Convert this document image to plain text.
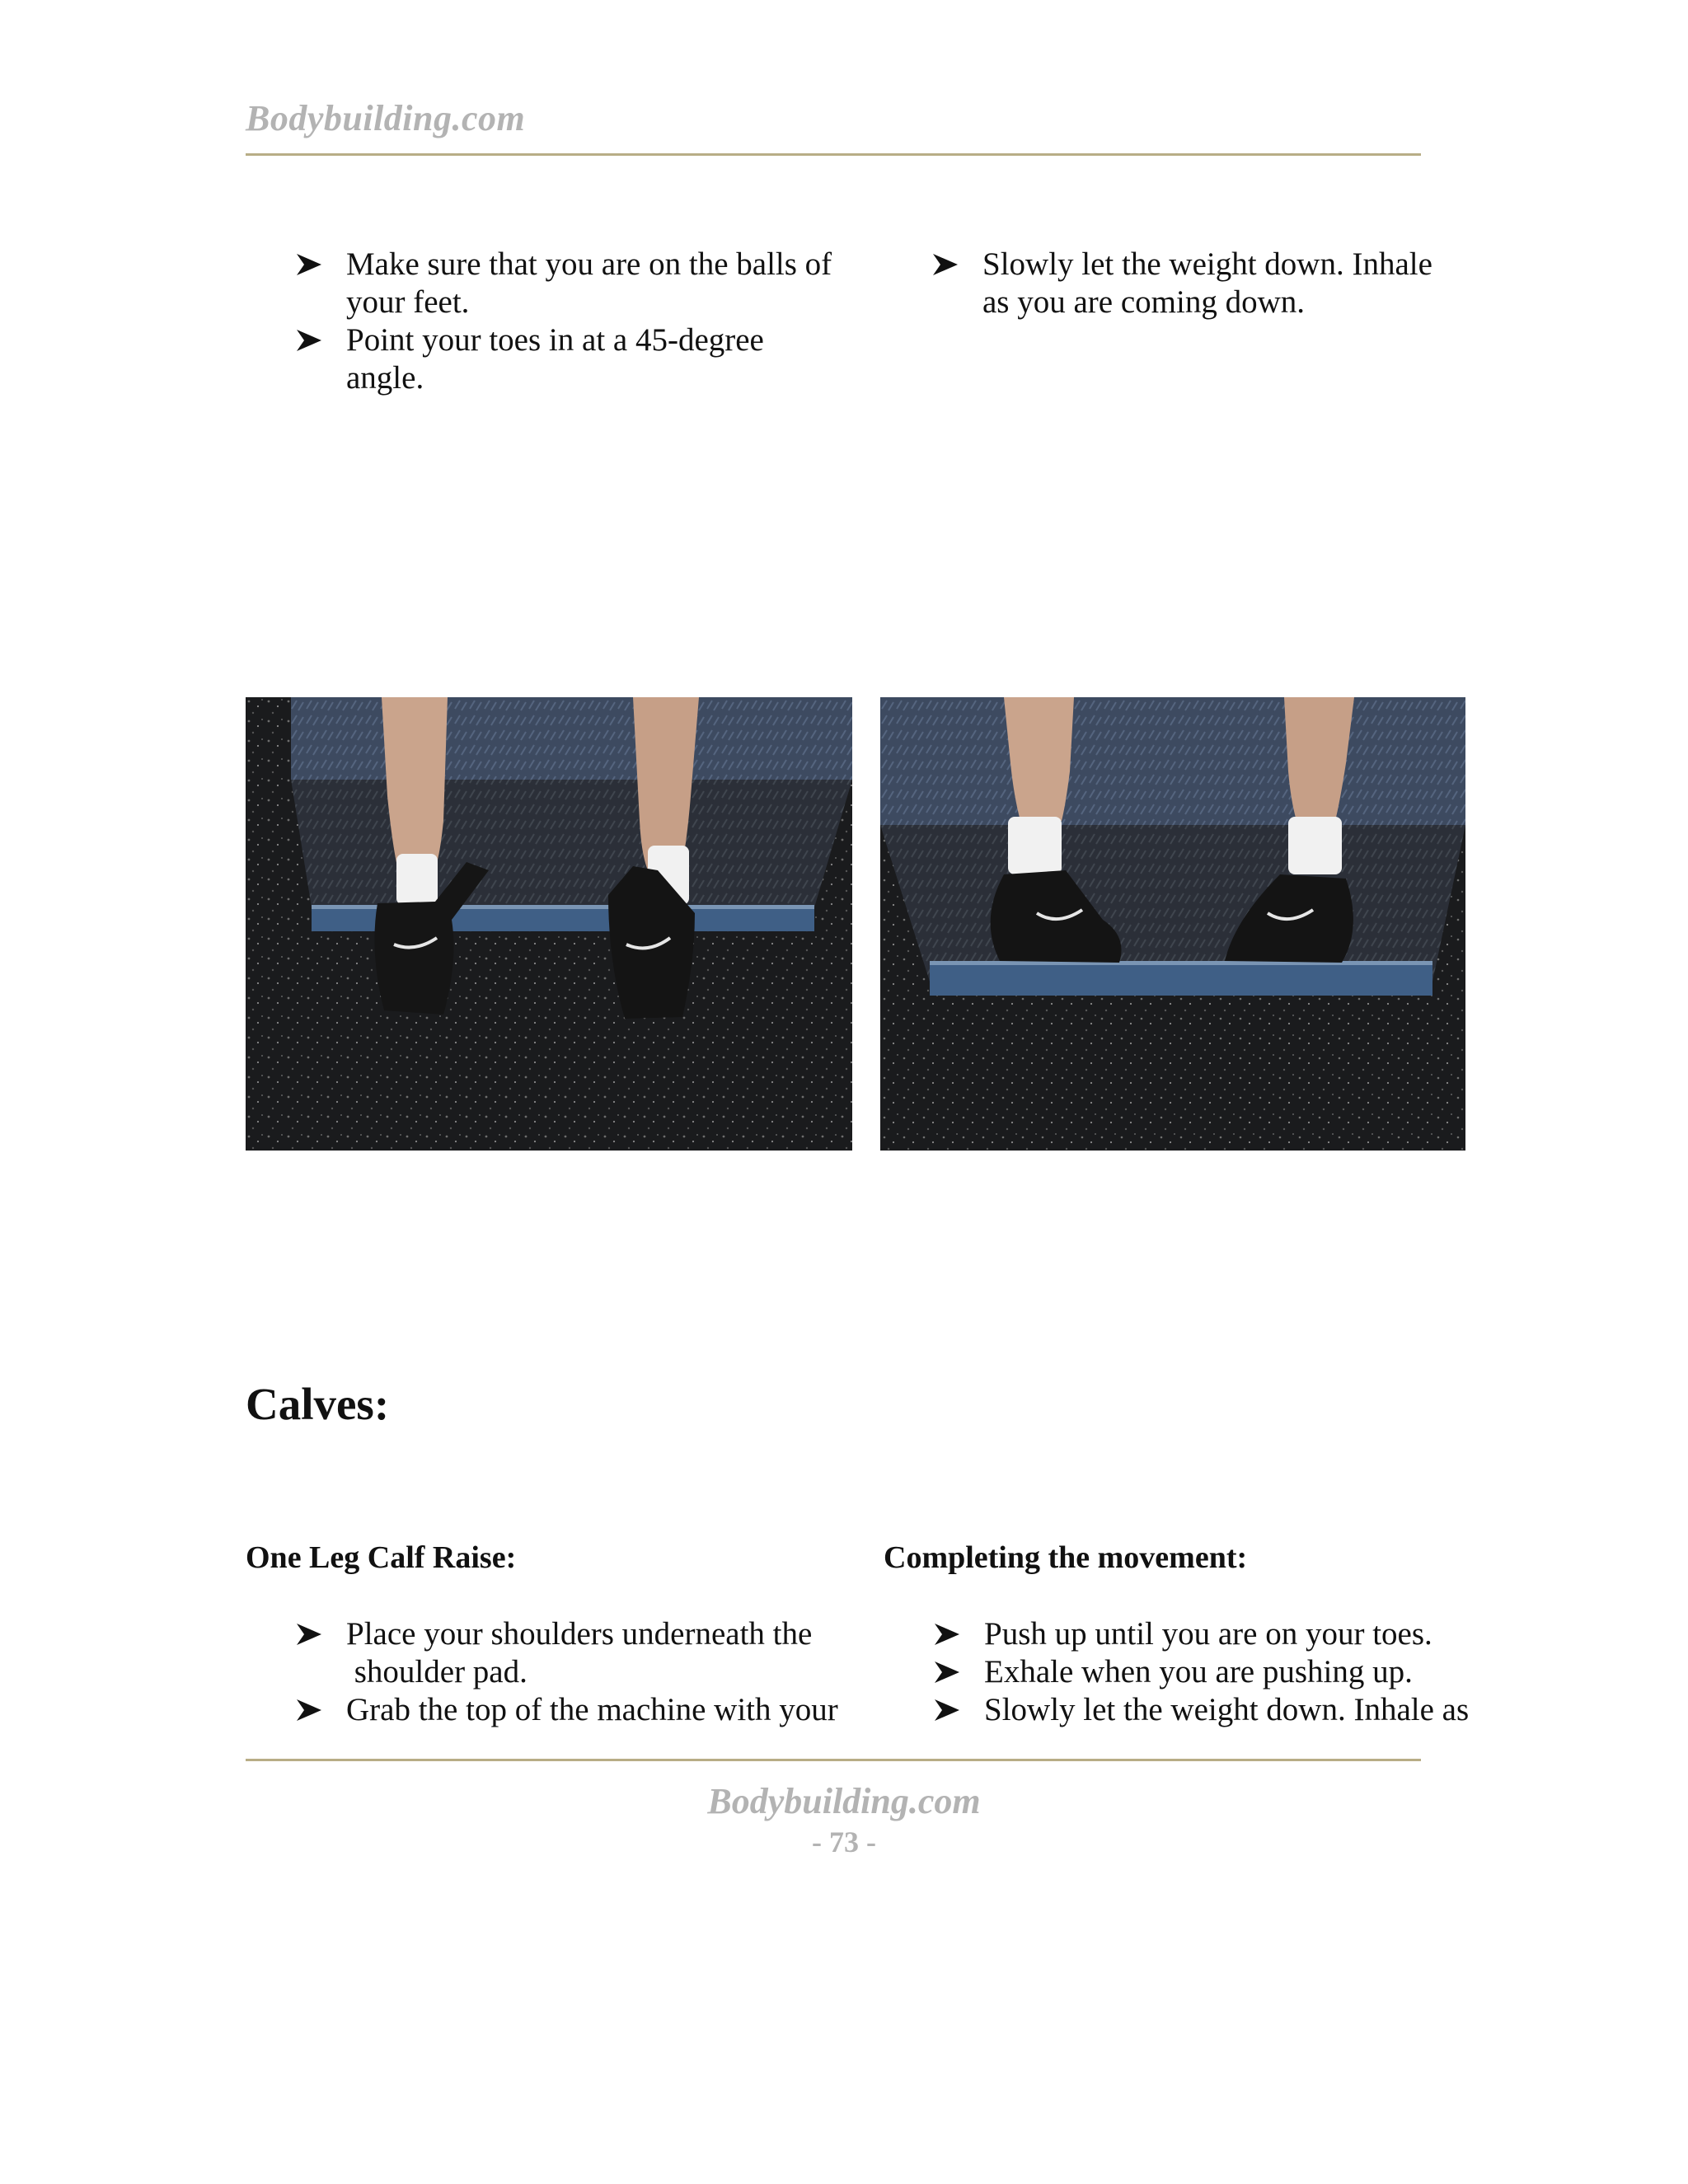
Bodybuilding.com
Make sure that you are on the balls of
your feet.
Point your toes in at a 45-degree
angle.
Slowly let the weight down. Inhale
as you are coming down.
Calves:
One Leg Calf Raise:	Completing the movement:
Place your shoulders underneath the
shoulder pad.
Grab the top of the machine with your
Push up until you are on your toes.
Exhale when you are pushing up.
Slowly let the weight down. Inhale as
Bodybuilding.com
- 73 -
